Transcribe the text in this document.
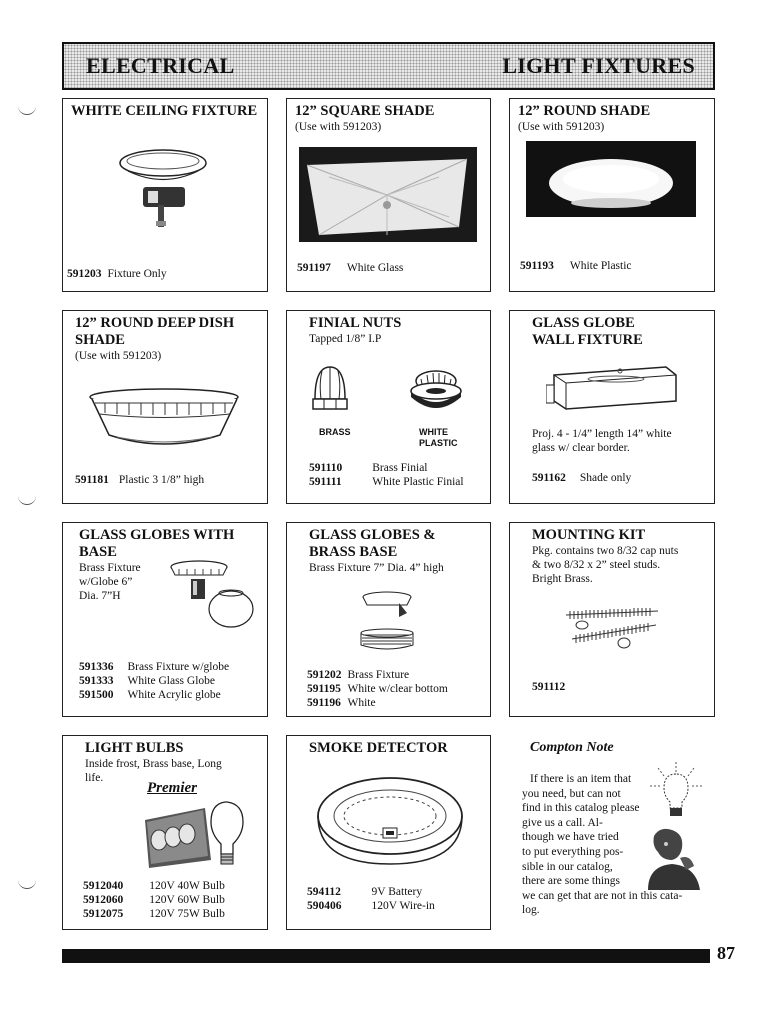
ELECTRICAL	LIGHT FIXTURES
WHITE CEILING FIXTURE
591203 Fixture Only
12” SQUARE SHADE
(Use with 591203)
591197 White Glass
12” ROUND SHADE
(Use with 591203)
591193 White Plastic
12” ROUND DEEP DISH
SHADE
(Use with 591203)
591181 Plastic 3 1/8” high
FINIAL NUTS
Tapped 1/8” I.P
BRASS	WHITE
PLASTIC
591110	Brass Finial
591111	White Plastic Finial
GLASS GLOBE
WALL FIXTURE
Proj. 4 - 1/4” length 14” white
glass w/ clear border.
591162 Shade only
GLASS GLOBES WITH
BASE
Brass Fixture
w/Globe 6”
Dia. 7”H
591336	Brass Fixture w/globe
591333	White Glass Globe
591500	White Acrylic globe
GLASS GLOBES &
BRASS BASE
Brass Fixture 7” Dia. 4” high
591202	Brass Fixture
591195	White w/clear bottom
591196	White
MOUNTING KIT
Pkg. contains two 8/32 cap nuts
& two 8/32 x 2” steel studs.
Bright Brass.
591112
LIGHT BULBS
Inside frost, Brass base, Long
life.
Premier
5912040	120V 40W Bulb
5912060	120V 60W Bulb
5912075	120V 75W Bulb
SMOKE DETECTOR
594112	9V Battery
590406	120V Wire-in
Compton Note
If there is an item that
you need, but can not
find in this catalog please
give us a call. Al-
though we have tried
to put everything pos-
sible in our catalog,
there are some things
we can get that are not in this cata-
log.
87
